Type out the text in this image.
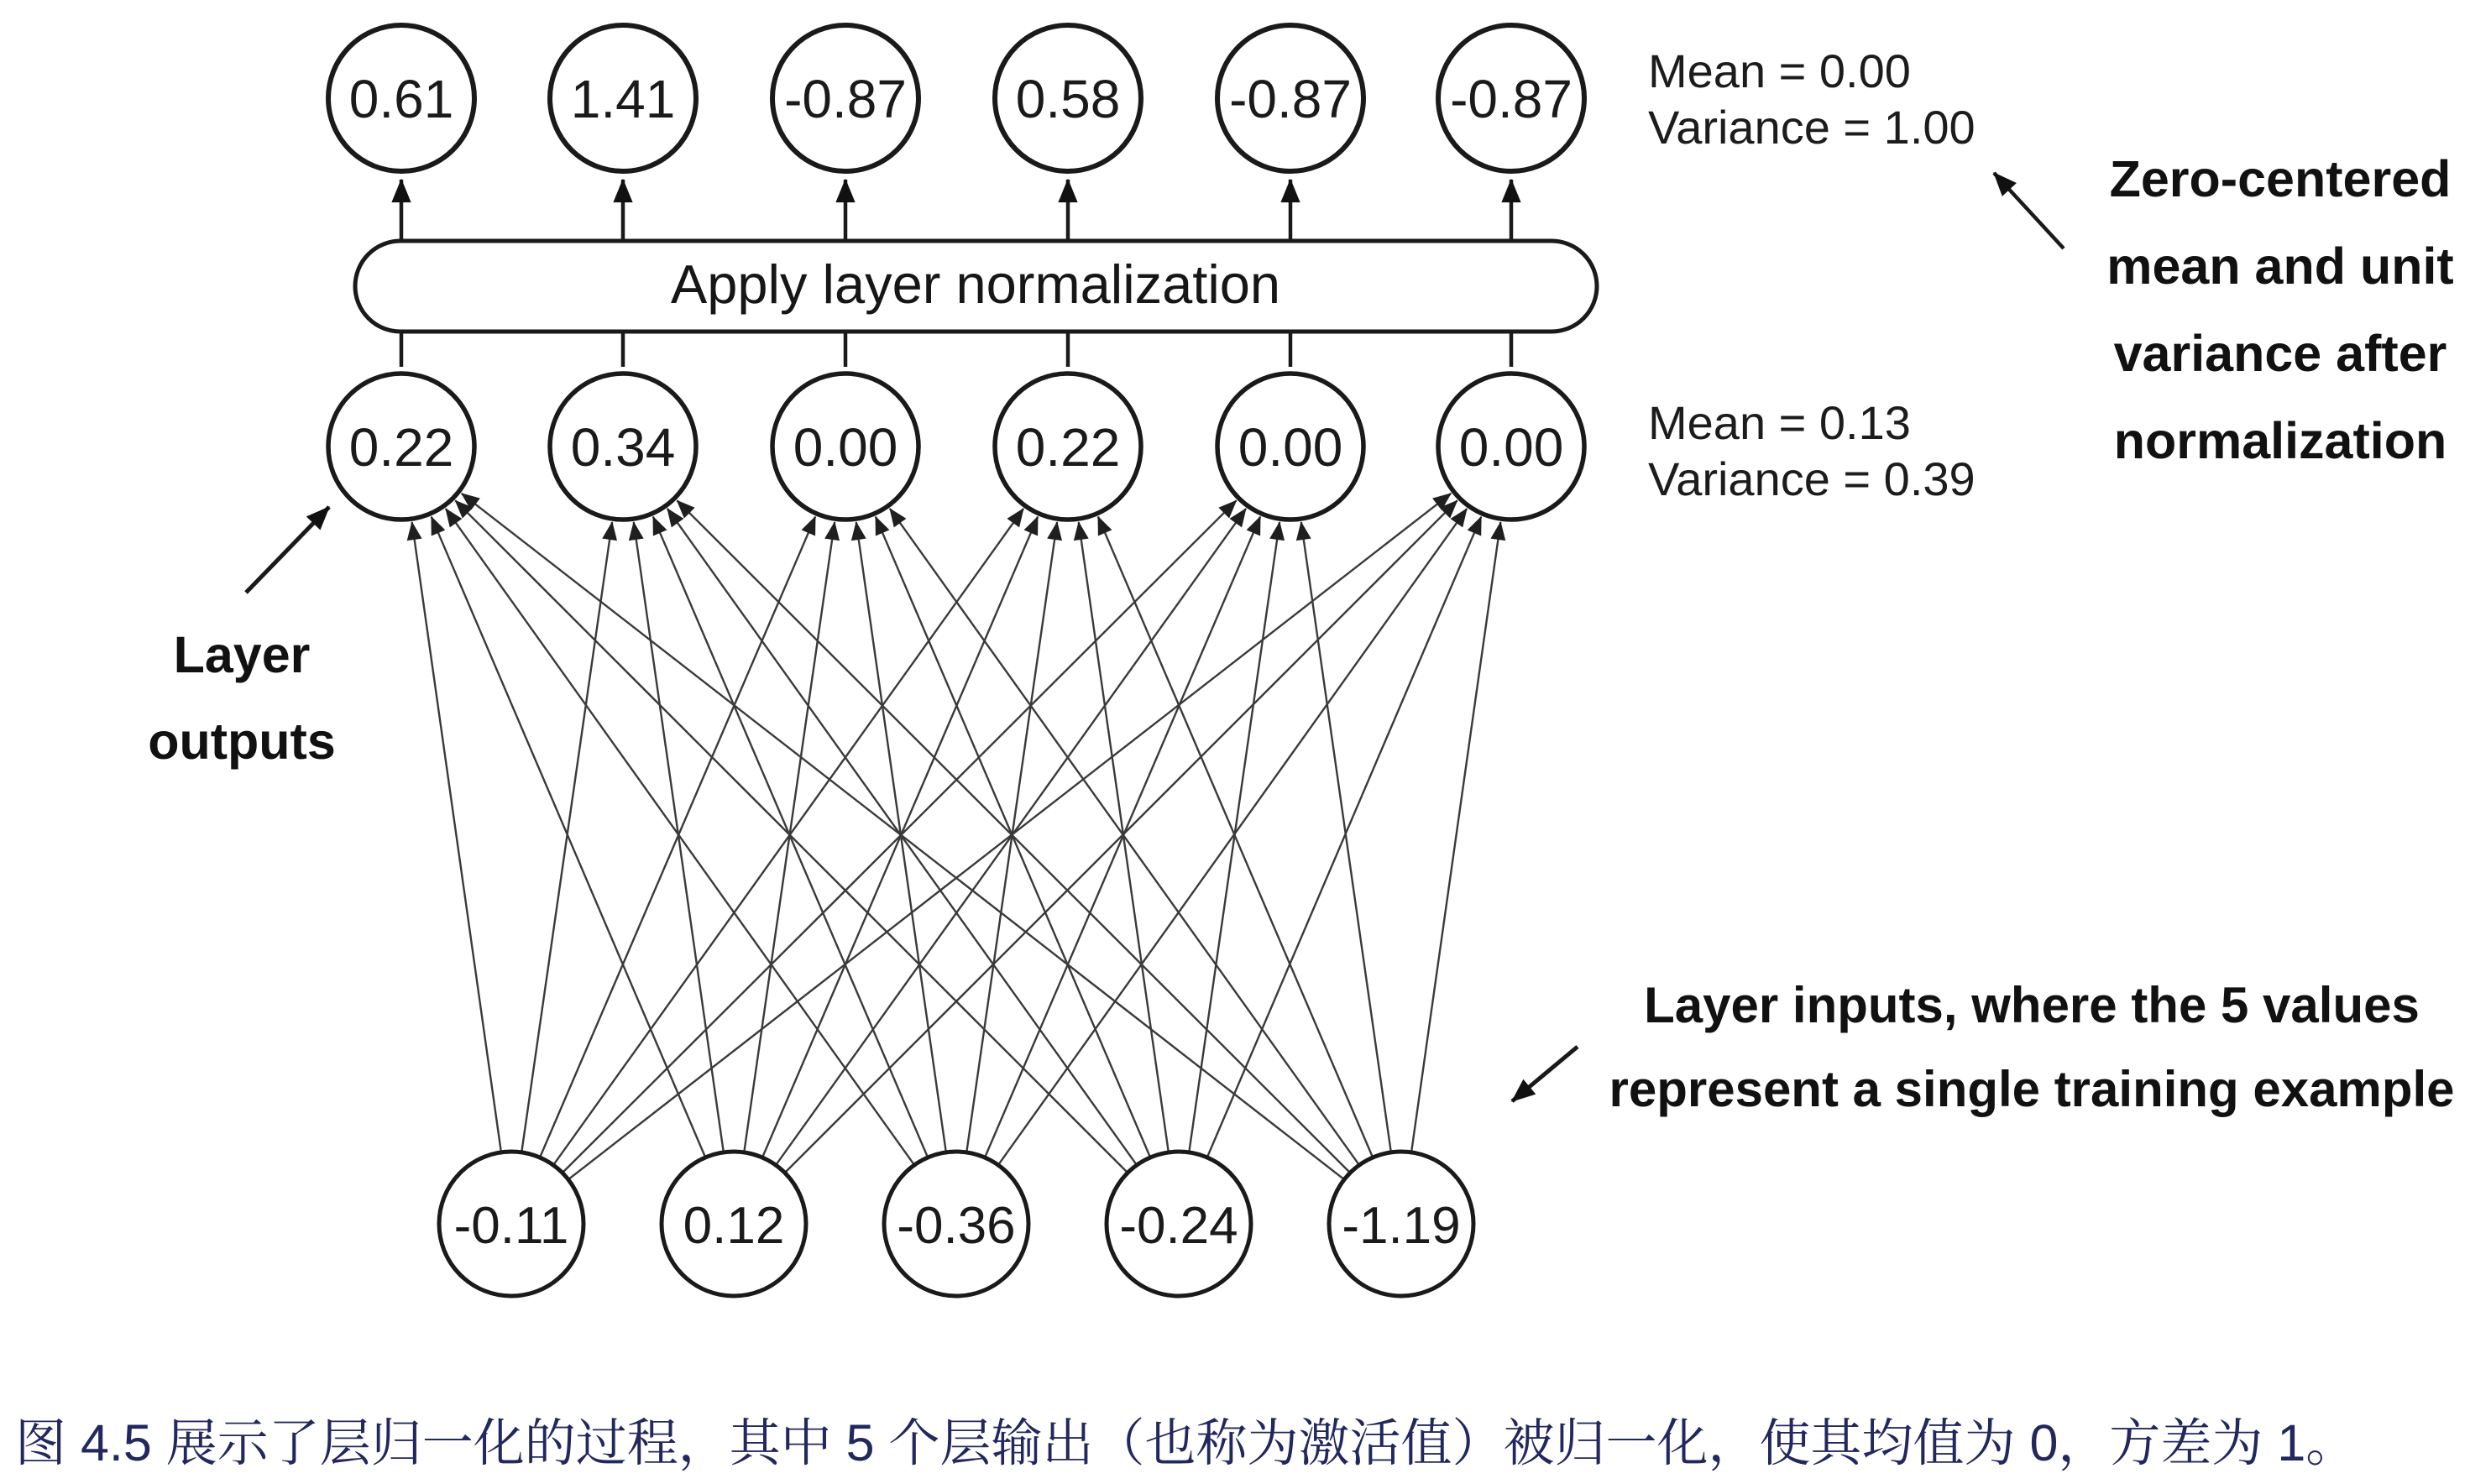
Apply layer normalization
0.61 1.41 -0.87 0.58 -0.87 -0.87
0.22 0.34 0.00 0.22 0.00 0.00
-0.11 0.12 -0.36 -0.24 -1.19
Mean = 0.00
Variance = 1.00
Mean = 0.13
Variance = 0.39
Zero-centered
mean and unit
variance after
normalization
Layer
outputs
Layer inputs, where the 5 values
represent a single training example
图 4.5 展示了层归一化的过程，其中 5 个层输出（也称为激活值）被归一化，使其均值为 0，方差为 1。
